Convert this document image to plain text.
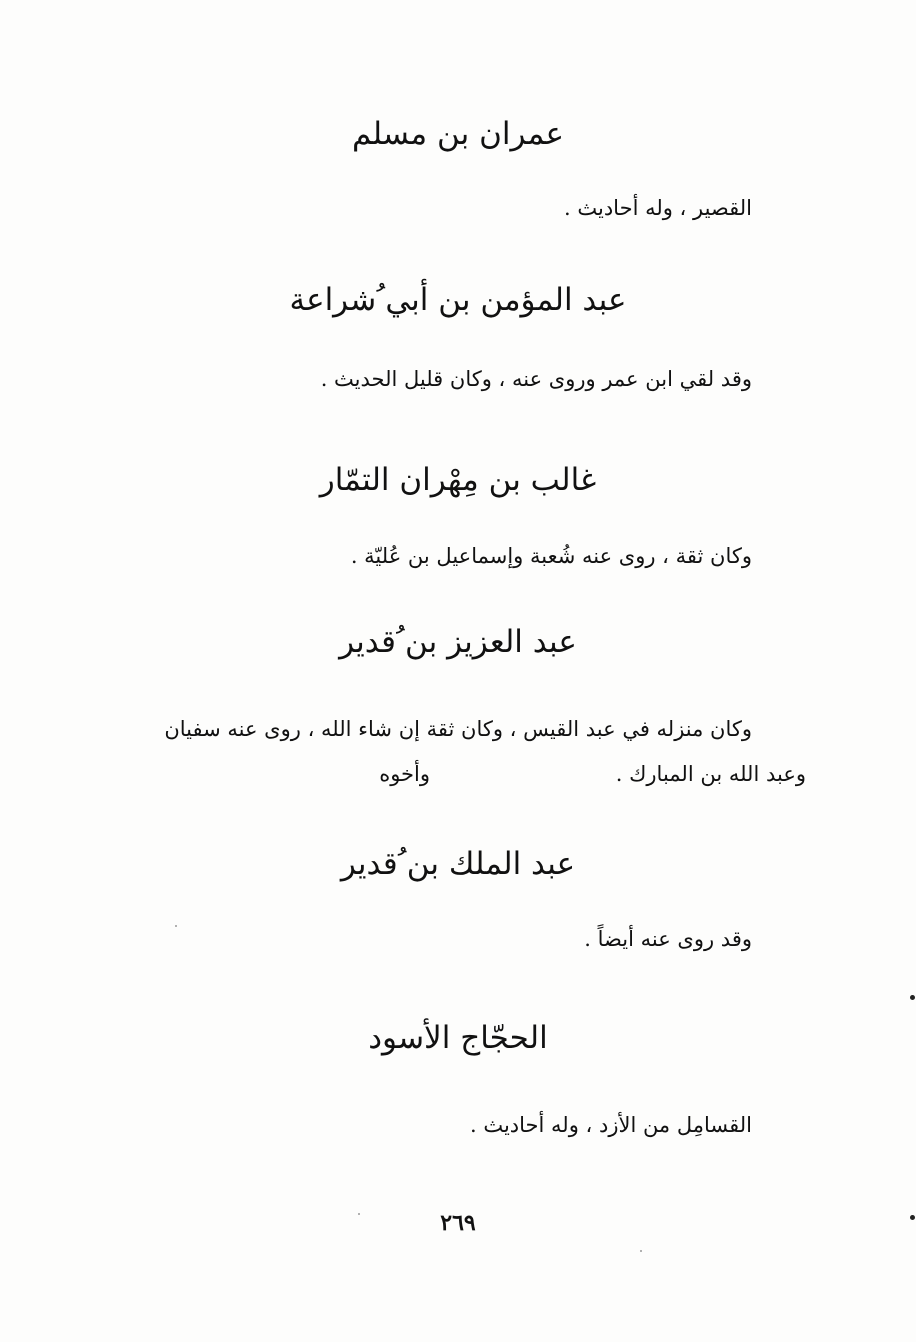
عمران بن مسلم
القصير ، وله أحاديث .
عبد المؤمن بن أبي ُشراعة
وقد لقي ابن عمر وروى عنه ، وكان قليل الحديث .
غالب بن مِهْران التمّار
وكان ثقة ، روى عنه شُعبة وإسماعيل بن عُليّة .
عبد العزيز بن ُقدير
وكان منزله في عبد القيس ، وكان ثقة إن شاء الله ، روى عنه سفيان
وعبد الله بن المبارك .
وأخوه
عبد الملك بن ُقدير
وقد روى عنه أيضاً .
الحجّاج الأسود
القسامِل من الأزد ، وله أحاديث .
٢٦٩
